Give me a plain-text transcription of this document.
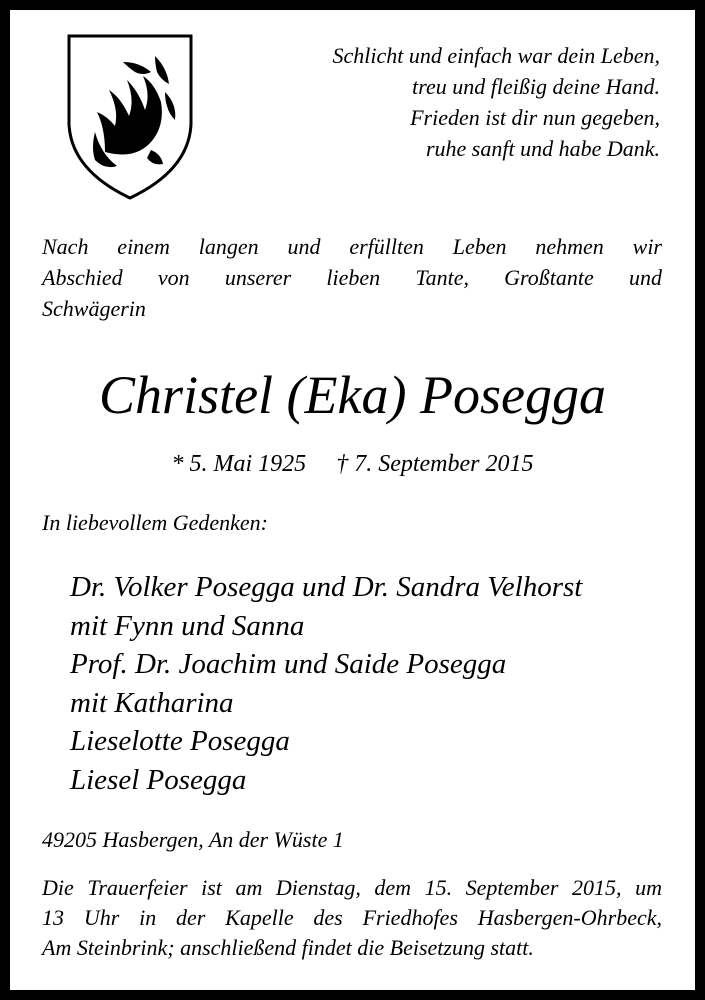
Schlicht und einfach war dein Leben,
treu und fleißig deine Hand.
Frieden ist dir nun gegeben,
ruhe sanft und habe Dank.
Nach einem langen und erfüllten Leben nehmen wir
Abschied von unserer lieben Tante, Großtante und
Schwägerin
Christel (Eka) Posegga
* 5. Mai 1925 † 7. September 2015
In liebevollem Gedenken:
Dr. Volker Posegga und Dr. Sandra Velhorst
mit Fynn und Sanna
Prof. Dr. Joachim und Saide Posegga
mit Katharina
Lieselotte Posegga
Liesel Posegga
49205 Hasbergen, An der Wüste 1
Die Trauerfeier ist am Dienstag, dem 15. September 2015, um
13 Uhr in der Kapelle des Friedhofes Hasbergen-Ohrbeck,
Am Steinbrink; anschließend findet die Beisetzung statt.
